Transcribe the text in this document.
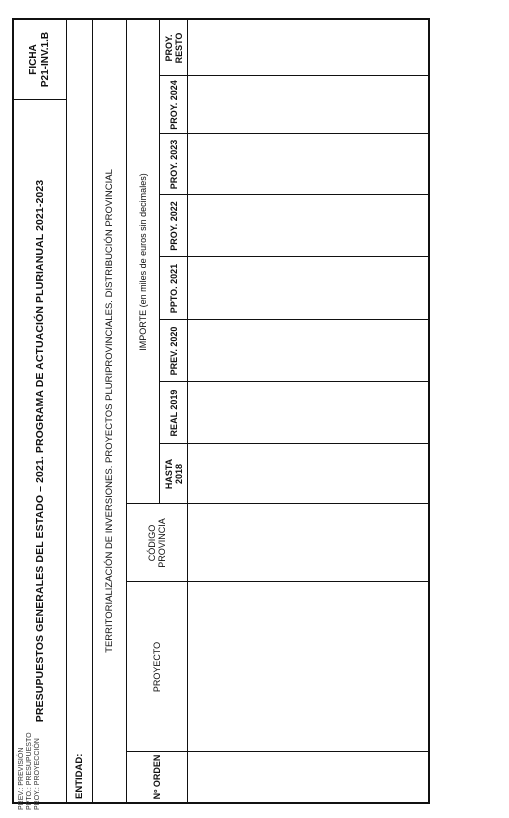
PRESUPUESTOS GENERALES DEL ESTADO – 2021. PROGRAMA DE ACTUACIÓN PLURIANUAL 2021-2023
FICHA P21-INV.1.B
ENTIDAD:
TERRITORIALIZACIÓN DE INVERSIONES. PROYECTOS PLURIPROVINCIALES. DISTRIBUCIÓN PROVINCIAL
Nº ORDEN
PROYECTO
CÓDIGO PROVINCIA
IMPORTE (en miles de euros sin decimales)
HASTA 2018
REAL 2019
PREV. 2020
PPTO. 2021
PROY. 2022
PROY. 2023
PROY. 2024
PROY. RESTO
PREV.: PREVISIÓN PPTO.: PRESUPUESTO PROY.: PROYECCIÓN
